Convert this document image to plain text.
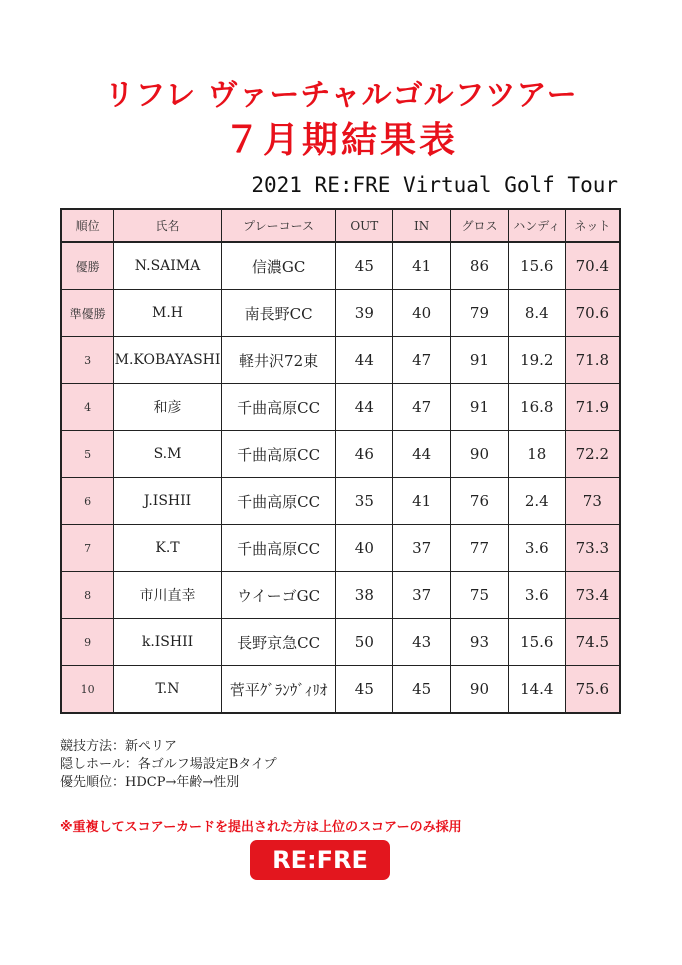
リフレ ヴァーチャルゴルフツアー
７月期結果表
2021 RE:FRE Virtual Golf Tour
順位	氏名	プレーコース	OUT	IN	グロス	ハンディ	ネット
優勝	N.SAIMA	信濃GC	45	41	86	15.6	70.4
準優勝	M.H	南長野CC	39	40	79	8.4	70.6
3	M.KOBAYASHI	軽井沢72東	44	47	91	19.2	71.8
4	和彦	千曲高原CC	44	47	91	16.8	71.9
5	S.M	千曲高原CC	46	44	90	18	72.2
6	J.ISHII	千曲高原CC	35	41	76	2.4	73
7	K.T	千曲高原CC	40	37	77	3.6	73.3
8	市川直幸	ウイーゴGC	38	37	75	3.6	73.4
9	k.ISHII	長野京急CC	50	43	93	15.6	74.5
10	T.N	菅平ｸﾞﾗﾝｳﾞｨﾘｵ	45	45	90	14.4	75.6
競技方法：新ペリア
隠しホール：各ゴルフ場設定Bタイプ
優先順位：HDCP→年齢→性別
※重複してスコアーカードを提出された方は上位のスコアーのみ採用
RE:FRE
